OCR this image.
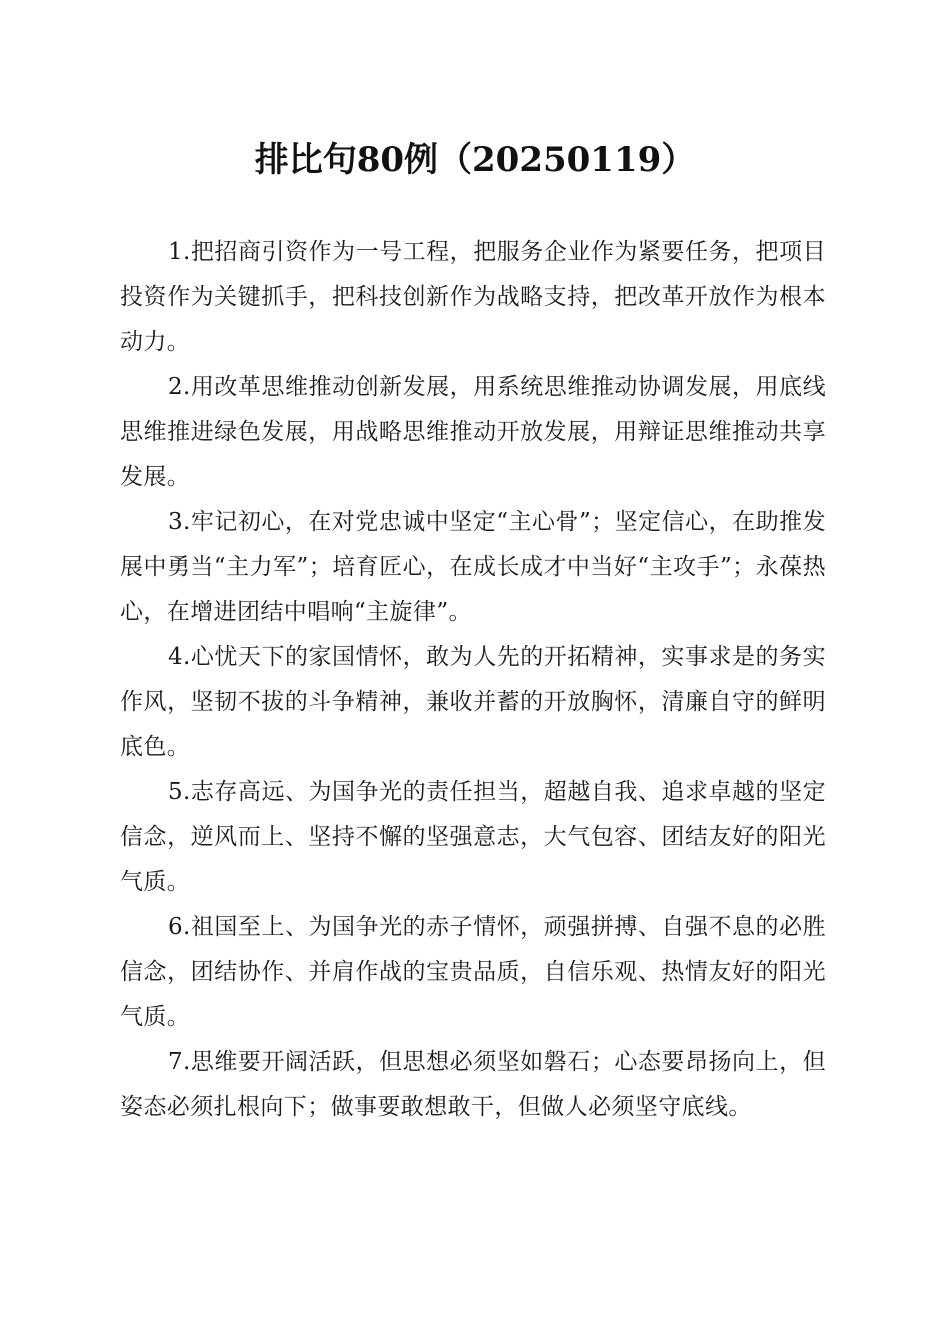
排比句80例（20250119）

1.把招商引资作为一号工程，把服务企业作为紧要任务，把项目投资作为关键抓手，把科技创新作为战略支持，把改革开放作为根本动力。

2.用改革思维推动创新发展，用系统思维推动协调发展，用底线思维推进绿色发展，用战略思维推动开放发展，用辩证思维推动共享发展。

3.牢记初心，在对党忠诚中坚定“主心骨”；坚定信心，在助推发展中勇当“主力军”；培育匠心，在成长成才中当好“主攻手”；永葆热心，在增进团结中唱响“主旋律”。

4.心忧天下的家国情怀，敢为人先的开拓精神，实事求是的务实作风，坚韧不拔的斗争精神，兼收并蓄的开放胸怀，清廉自守的鲜明底色。

5.志存高远、为国争光的责任担当，超越自我、追求卓越的坚定信念，逆风而上、坚持不懈的坚强意志，大气包容、团结友好的阳光气质。

6.祖国至上、为国争光的赤子情怀，顽强拼搏、自强不息的必胜信念，团结协作、并肩作战的宝贵品质，自信乐观、热情友好的阳光气质。

7.思维要开阔活跃，但思想必须坚如磐石；心态要昂扬向上，但姿态必须扎根向下；做事要敢想敢干，但做人必须坚守底线。
